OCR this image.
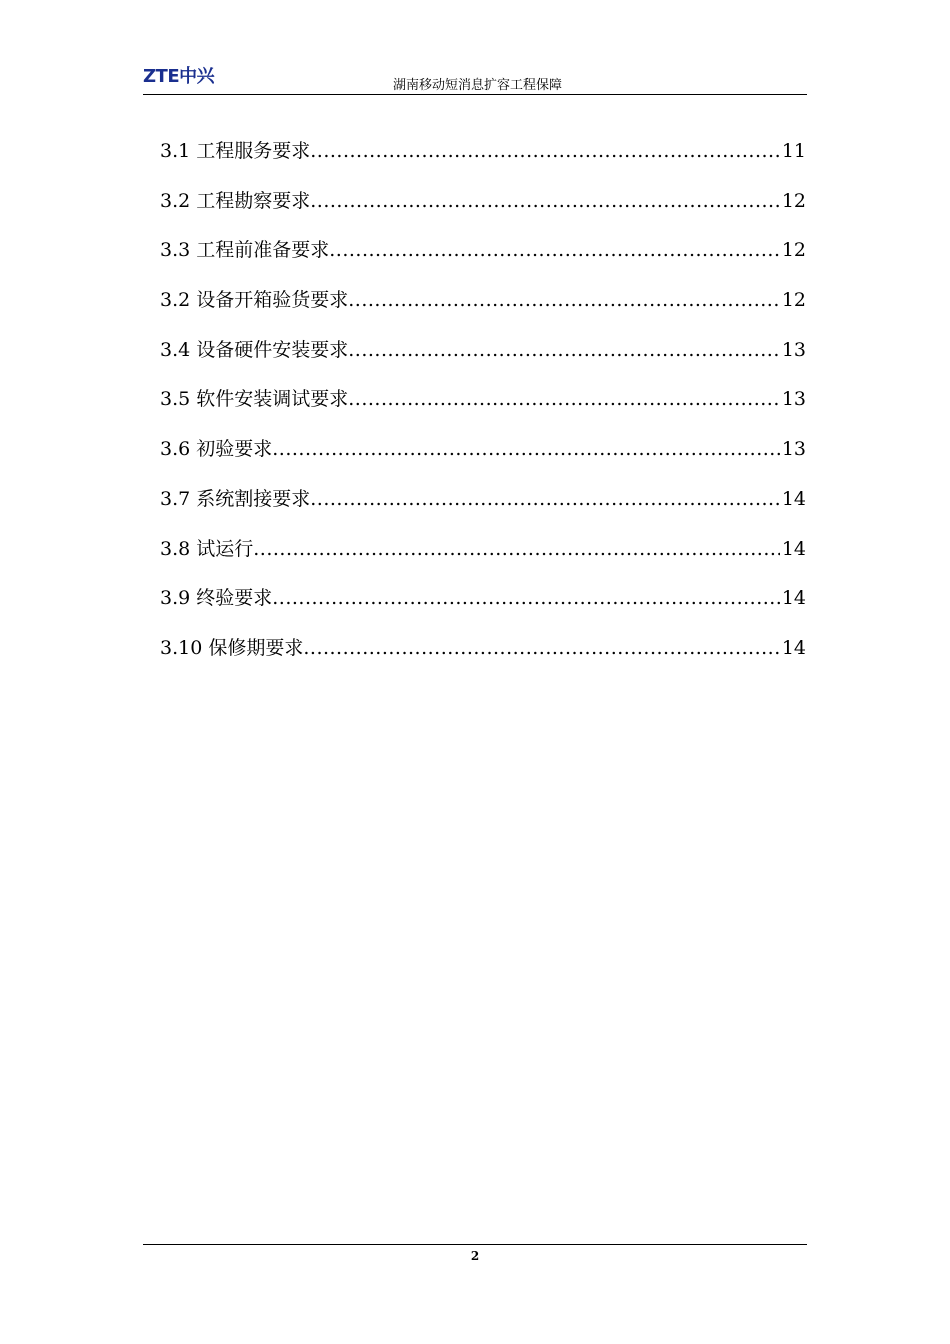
ZTE中兴	湖南移动短消息扩容工程保障
3.1 工程服务要求 .....	11
3.2 工程勘察要求 .....	12
3.3 工程前准备要求 .....	12
3.2 设备开箱验货要求 .....	12
3.4 设备硬件安装要求 .....	13
3.5 软件安装调试要求 .....	13
3.6 初验要求 .....	13
3.7 系统割接要求 .....	14
3.8 试运行 .....	14
3.9 终验要求 .....	14
3.10 保修期要求 .....	14
2
